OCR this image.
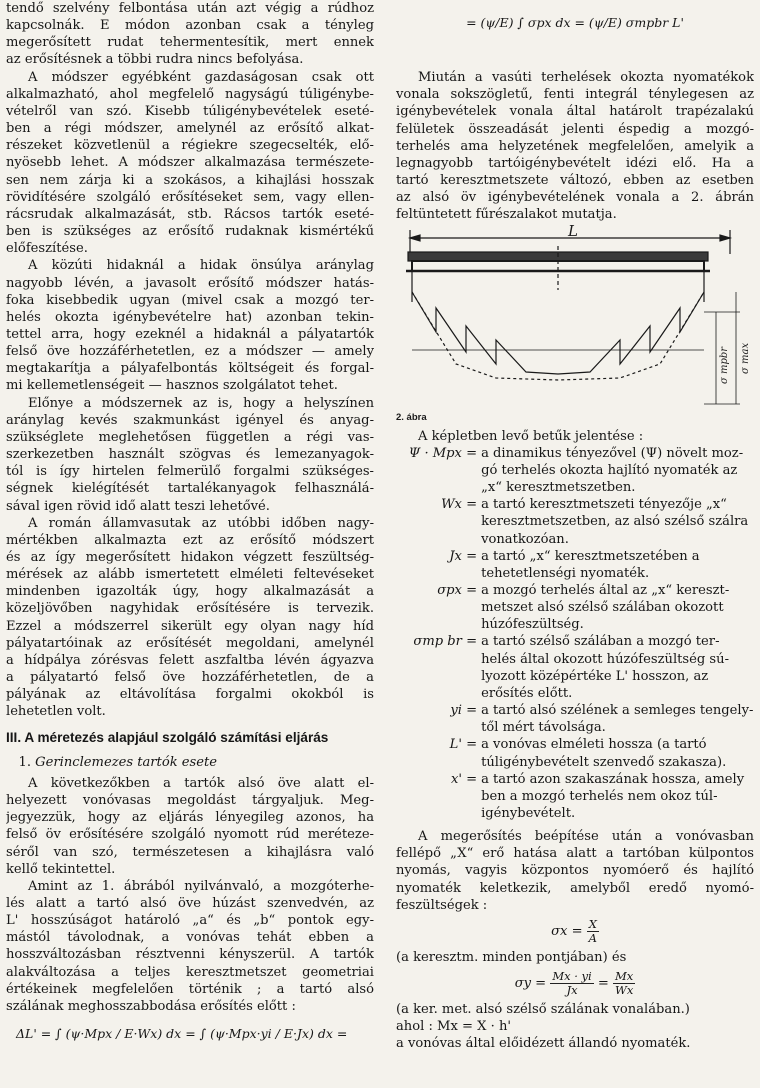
tendő szelvény felbontása után azt végig a rúdhoz
kapcsolnák. E módon azonban csak a tényleg
megerősített rudat tehermentesítik, mert ennek
az erősítésnek a többi rudra nincs befolyása.
A módszer egyébként gazdaságosan csak ott
alkalmazható, ahol megfelelő nagyságú túligénybe-
vételről van szó. Kisebb túligénybevételek eseté-
ben a régi módszer, amelynél az erősítő alkat-
részeket közvetlenül a régiekre szegecselték, elő-
nyösebb lehet. A módszer alkalmazása természete-
sen nem zárja ki a szokásos, a kihajlási hosszak
rövidítésére szolgáló erősítéseket sem, vagy ellen-
rácsrudak alkalmazását, stb. Rácsos tartók eseté-
ben is szükséges az erősítő rudaknak kismértékű
előfeszítése.
A közúti hidaknál a hidak önsúlya aránylag
nagyobb lévén, a javasolt erősítő módszer hatás-
foka kisebbedik ugyan (mivel csak a mozgó ter-
helés okozta igénybevételre hat) azonban tekin-
tettel arra, hogy ezeknél a hidaknál a pályatartók
felső öve hozzáférhetetlen, ez a módszer — amely
megtakarítja a pályafelbontás költségeit és forgal-
mi kellemetlenségeit — hasznos szolgálatot tehet.
Előnye a módszernek az is, hogy a helyszínen
aránylag kevés szakmunkást igényel és anyag-
szükséglete meglehetősen független a régi vas-
szerkezetben használt szögvas és lemezanyagok-
tól is így hirtelen felmerülő forgalmi szükséges-
ségnek kielégítését tartalékanyagok felhasználá-
sával igen rövid idő alatt teszi lehetővé.
A román államvasutak az utóbbi időben nagy-
mértékben alkalmazta ezt az erősítő módszert
és az így megerősített hidakon végzett feszültség-
mérések az alább ismertetett elméleti feltevéseket
mindenben igazolták úgy, hogy alkalmazását a
közeljövőben nagyhidak erősítésére is tervezik.
Ezzel a módszerrel sikerült egy olyan nagy híd
pályatartóinak az erősítését megoldani, amelynél
a hídpálya zórésvas felett aszfaltba lévén ágyazva
a pályatartó felső öve hozzáférhetetlen, de a
pályának az eltávolítása forgalmi okokból is
lehetetlen volt.
III. A méretezés alapjául szolgáló számítási eljárás
1. Gerinclemezes tartók esete
A következőkben a tartók alsó öve alatt el-
helyezett vonóvasas megoldást tárgyaljuk. Meg-
jegyezzük, hogy az eljárás lényegileg azonos, ha
felső öv erősítésére szolgáló nyomott rúd meréteze-
séről van szó, természetesen a kihajlásra való
kellő tekintettel.
Amint az 1. ábrából nyilvánvaló, a mozgóterhe-
lés alatt a tartó alsó öve húzást szenvedvén, az
L' hosszúságot határoló „a“ és „b“ pontok egy-
mástól távolodnak, a vonóvas tehát ebben a
hosszváltozásban résztvenni kényszerül. A tartók
alakváltozása a teljes keresztmetszet geometriai
értékeinek megfelelően történik ; a tartó alsó
szálának meghosszabbodása erősítés előtt :
ΔL' = ∫ (ψ·Mpx / E·Wx) dx = ∫ (ψ·Mpx·yi / E·Jx) dx =
= (ψ/E) ∫ σpx dx = (ψ/E) σmpbr L'
Miután a vasúti terhelések okozta nyomatékok
vonala sokszögletű, fenti integrál ténylegesen az
igénybevételek vonala által határolt trapézalakú
felületek összeadását jelenti éspedig a mozgó-
terhelés ama helyzetének megfelelően, amelyik a
legnagyobb tartóigénybevételt idézi elő. Ha a
tartó keresztmetszete változó, ebben az esetben
az alsó öv igénybevételének vonala a 2. ábrán
feltüntetett fűrészalakot mutatja.
L
σ mpbr σ max
2. ábra
A képletben levő betűk jelentése :
Ψ · Mpx = a dinamikus tényezővel (Ψ) növelt moz-gó terhelés okozta hajlító nyomaték az „x“ keresztmetszetben.
Wx = a tartó keresztmetszeti tényezője „x“ keresztmetszetben, az alsó szélső szálra vonatkozóan.
Jx = a tartó „x“ keresztmetszetében a tehetetlenségi nyomaték.
σpx = a mozgó terhelés által az „x“ kereszt-metszet alsó szélső szálában okozott húzófeszültség.
σmp br = a tartó szélső szálában a mozgó ter-helés által okozott húzófeszültség sú-lyozott középértéke L' hosszon, az erősítés előtt.
yi = a tartó alsó szélének a semleges tengely-től mért távolsága.
L' = a vonóvas elméleti hossza (a tartó túligénybevételt szenvedő szakasza).
x' = a tartó azon szakaszának hossza, amely ben a mozgó terhelés nem okoz túl-igénybevételt.
A megerősítés beépítése után a vonóvasban
fellépő „X“ erő hatása alatt a tartóban külpontos
nyomás, vagyis központos nyomóerő és hajlító
nyomaték keletkezik, amelyből eredő nyomó-
feszültségek :
$\sigma x = \frac{X}{A}$
(a keresztm. minden pontjában) és
$\sigma y = \frac{Mx \cdot yi}{Jx} = \frac{Mx}{Wx}$
(a ker. met. alsó szélső szálának vonalában.)
ahol : Mx = X · h'
a vonóvas által előidézett állandó nyomaték.
